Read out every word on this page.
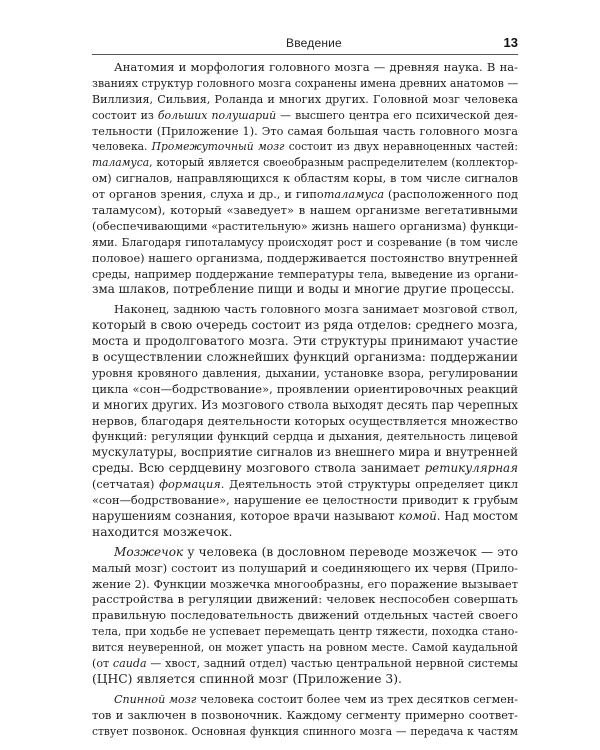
Введение	13
Анатомия и морфология головного мозга — древняя наука. В на-
званиях структур головного мозга сохранены имена древних анатомов —
Виллизия, Сильвия, Роланда и многих других. Головной мозг человека
состоит из больших полушарий — высшего центра его психической дея-
тельности (Приложение 1). Это самая большая часть головного мозга
человека. Промежуточный мозг состоит из двух неравноценных частей:
таламуса, который является своеобразным распределителем (коллектор-
ом) сигналов, направляющихся к областям коры, в том числе сигналов
от органов зрения, слуха и др., и гипоталамуса (расположенного под
таламусом), который «заведует» в нашем организме вегетативными
(обеспечивающими «растительную» жизнь нашего организма) функци-
ями. Благодаря гипоталамусу происходят рост и созревание (в том числе
половое) нашего организма, поддерживается постоянство внутренней
среды, например поддержание температуры тела, выведение из органи-
зма шлаков, потребление пищи и воды и многие другие процессы.
Наконец, заднюю часть головного мозга занимает мозговой ствол,
который в свою очередь состоит из ряда отделов: среднего мозга,
моста и продолговатого мозга. Эти структуры принимают участие
в осуществлении сложнейших функций организма: поддержании
уровня кровяного давления, дыхании, установке взора, регулировании
цикла «сон—бодрствование», проявлении ориентировочных реакций
и многих других. Из мозгового ствола выходят десять пар черепных
нервов, благодаря деятельности которых осуществляется множество
функций: регуляции функций сердца и дыхания, деятельность лицевой
мускулатуры, восприятие сигналов из внешнего мира и внутренней
среды. Всю сердцевину мозгового ствола занимает ретикулярная
(сетчатая) формация. Деятельность этой структуры определяет цикл
«сон—бодрствование», нарушение ее целостности приводит к грубым
нарушениям сознания, которое врачи называют комой. Над мостом
находится мозжечок.
Мозжечок у человека (в дословном переводе мозжечок — это
малый мозг) состоит из полушарий и соединяющего их червя (Прило-
жение 2). Функции мозжечка многообразны, его поражение вызывает
расстройства в регуляции движений: человек неспособен совершать
правильную последовательность движений отдельных частей своего
тела, при ходьбе не успевает перемещать центр тяжести, походка стано-
вится неуверенной, он может упасть на ровном месте. Самой каудальной
(от cauda — хвост, задний отдел) частью центральной нервной системы
(ЦНС) является спинной мозг (Приложение 3).
Спинной мозг человека состоит более чем из трех десятков сегмен-
тов и заключен в позвоночник. Каждому сегменту примерно соответ-
ствует позвонок. Основная функция спинного мозга — передача к частям
